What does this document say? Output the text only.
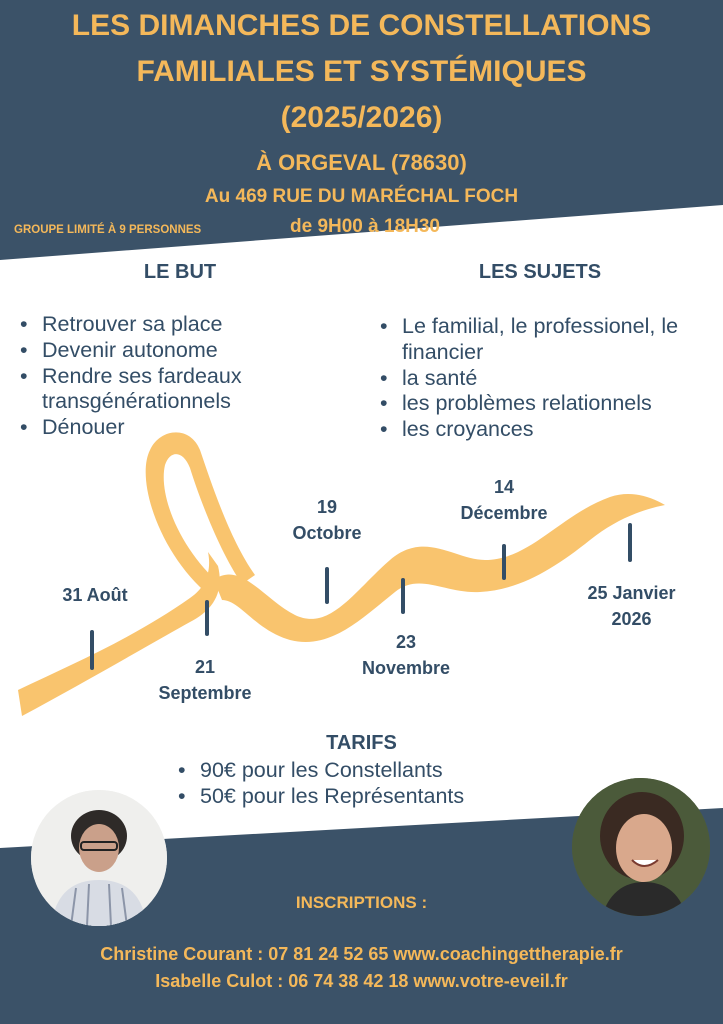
LES DIMANCHES DE CONSTELLATIONS
FAMILIALES ET SYSTÉMIQUES
(2025/2026)
À ORGEVAL (78630)
Au 469 RUE DU MARÉCHAL FOCH
GROUPE LIMITÉ À 9 PERSONNES	de 9H00 à 18H30
LE BUT
• Retrouver sa place
• Devenir autonome
• Rendre ses fardeaux transgénérationnels
• Dénouer
LES SUJETS
• Le familial, le professionel, le financier
• la santé
• les problèmes relationnels
• les croyances
31 Août
21
Septembre
19
Octobre
23
Novembre
14
Décembre
25 Janvier
2026
TARIFS
• 90€ pour les Constellants
• 50€ pour les Représentants
INSCRIPTIONS :
Christine Courant : 07 81 24 52 65 www.coachingettherapie.fr
Isabelle Culot : 06 74 38 42 18 www.votre-eveil.fr
